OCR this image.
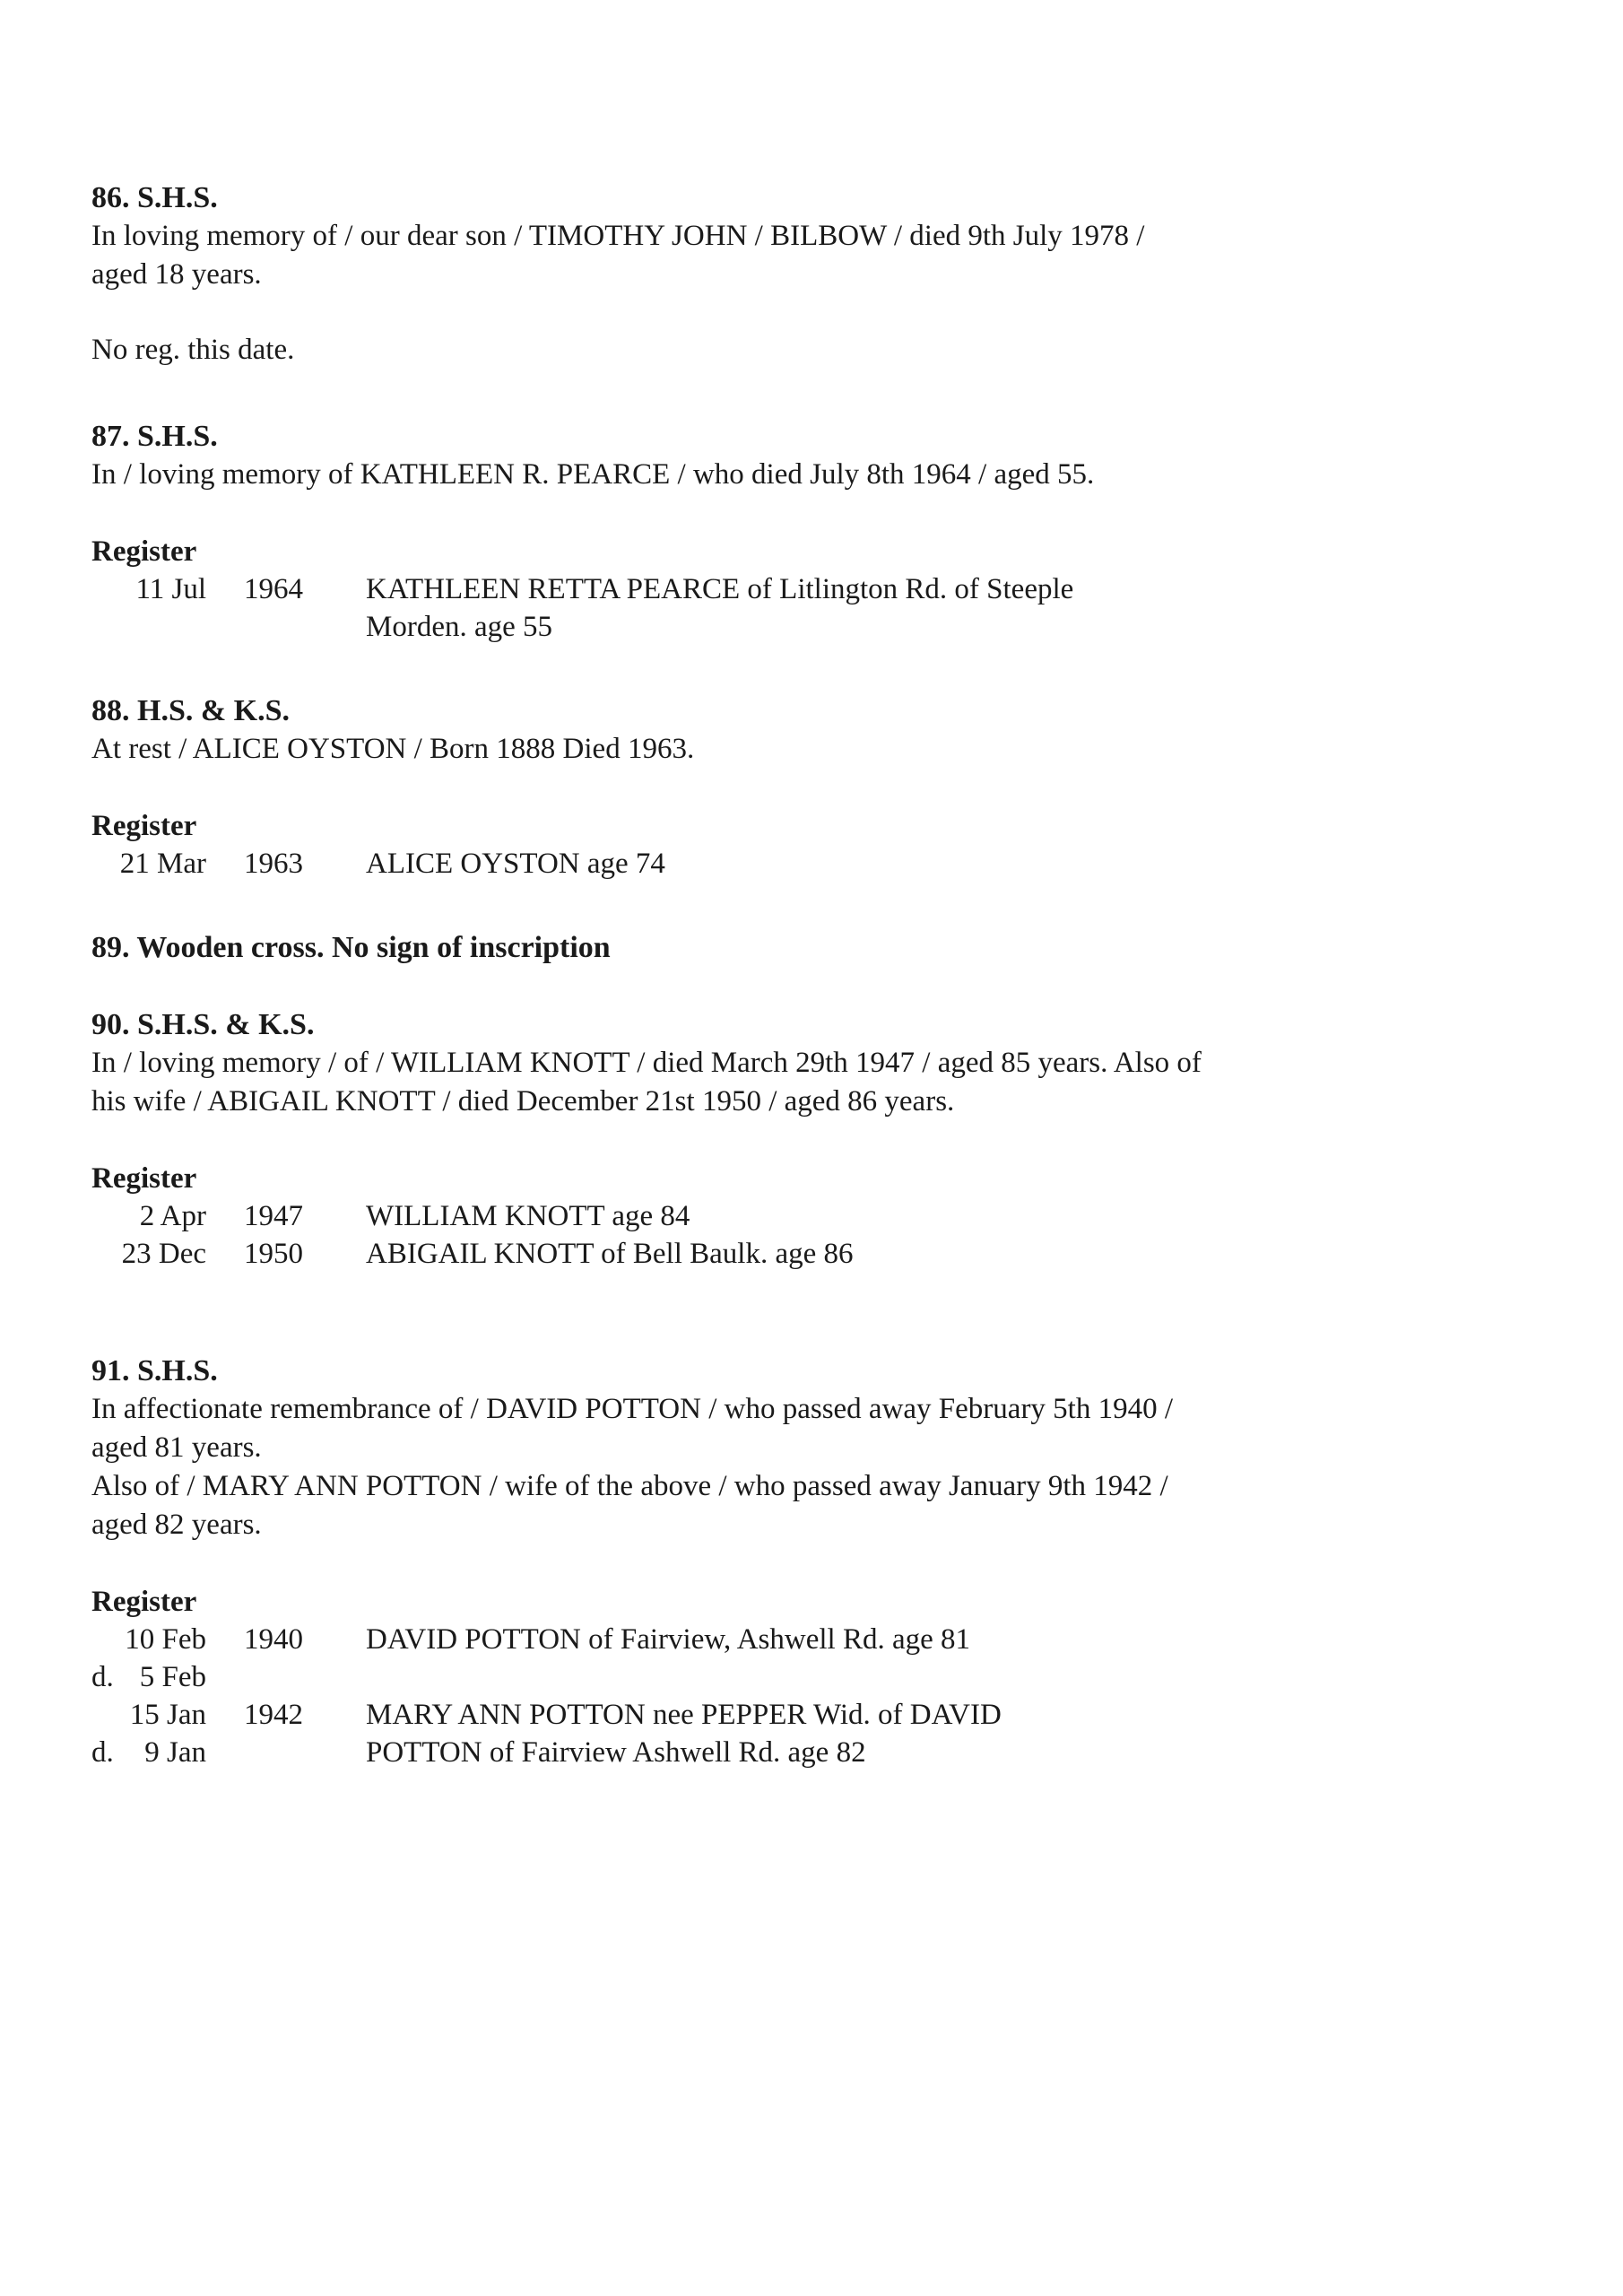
86. S.H.S.

In loving memory of / our dear son / TIMOTHY JOHN / BILBOW / died 9th July 1978 /

aged 18 years.

No reg. this date.

87. S.H.S.

In / loving memory of KATHLEEN R. PEARCE / who died July 8th 1964 / aged 55.

Register

11 Jul 1964 KATHLEEN RETTA PEARCE of Litlington Rd. of Steeple
Morden. age 55

88. H.S. & K.S.

At rest / ALICE OYSTON / Born 1888 Died 1963.

Register

21 Mar 1963 ALICE OYSTON age 74

89. Wooden cross. No sign of inscription

90. S.H.S. & K.S.

In / loving memory / of / WILLIAM KNOTT / died March 29th 1947 / aged 85 years. Also of

his wife / ABIGAIL KNOTT / died December 21st 1950 / aged 86 years.

Register

2 Apr 1947 WILLIAM KNOTT age 84
23 Dec 1950 ABIGAIL KNOTT of Bell Baulk. age 86

91. S.H.S.

In affectionate remembrance of / DAVID POTTON / who passed away February 5th 1940 /

aged 81 years.

Also of / MARY ANN POTTON / wife of the above / who passed away January 9th 1942 /

aged 82 years.

Register

10 Feb 1940 DAVID POTTON of Fairview, Ashwell Rd. age 81
d. 5 Feb
15 Jan 1942 MARY ANN POTTON nee PEPPER Wid. of DAVID
d. 9 Jan	POTTON of Fairview Ashwell Rd. age 82
